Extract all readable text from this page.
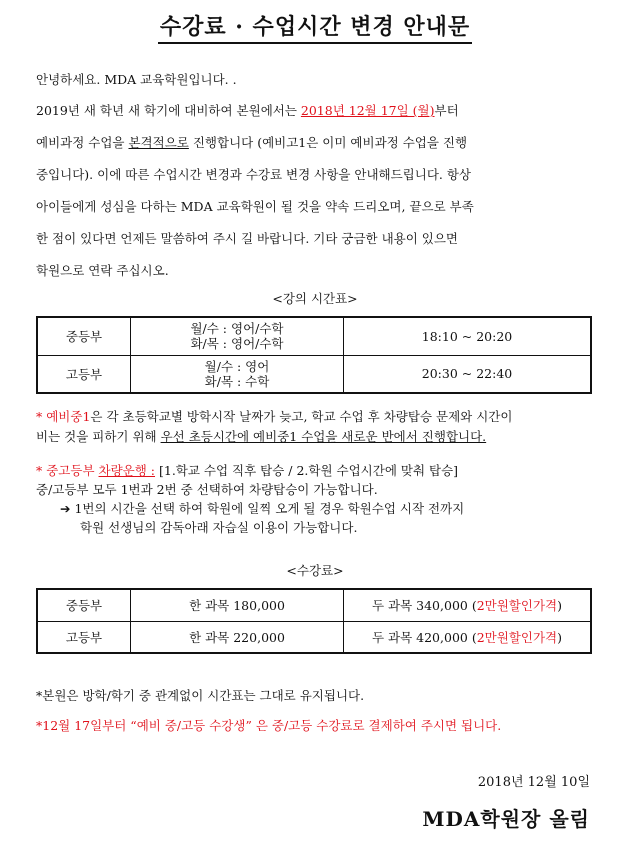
수강료 · 수업시간 변경 안내문
안녕하세요. MDA 교육학원입니다. .
2019년 새 학년 새 학기에 대비하여 본원에서는 2018년 12월 17일 (월)부터
예비과정 수업을 본격적으로 진행합니다 (예비고1은 이미 예비과정 수업을 진행
중입니다). 이에 따른 수업시간 변경과 수강료 변경 사항을 안내해드립니다. 항상
아이들에게 성심을 다하는 MDA 교육학원이 될 것을 약속 드리오며, 끝으로 부족
한 점이 있다면 언제든 말씀하여 주시 길 바랍니다. 기타 궁금한 내용이 있으면
학원으로 연락 주십시오.
<강의 시간표>
중등부	월/수 : 영어/수학
화/목 : 영어/수학	18:10 ~ 20:20
고등부	월/수 : 영어
화/목 : 수학	20:30 ~ 22:40
* 예비중1은 각 초등학교별 방학시작 날짜가 늦고, 학교 수업 후 차량탑승 문제와 시간이
비는 것을 피하기 위해 우선 초등시간에 예비중1 수업을 새로운 반에서 진행합니다.
* 중고등부 차량운행 : [1.학교 수업 직후 탑승 / 2.학원 수업시간에 맞춰 탑승]
중/고등부 모두 1번과 2번 중 선택하여 차량탑승이 가능합니다.
➔ 1번의 시간을 선택 하여 학원에 일찍 오게 될 경우 학원수업 시작 전까지
학원 선생님의 감독아래 자습실 이용이 가능합니다.
<수강료>
중등부	한 과목 180,000	두 과목 340,000 (2만원할인가격)
고등부	한 과목 220,000	두 과목 420,000 (2만원할인가격)
*본원은 방학/학기 중 관계없이 시간표는 그대로 유지됩니다.
*12월 17일부터 “예비 중/고등 수강생” 은 중/고등 수강료로 결제하여 주시면 됩니다.
2018년 12월 10일
MDA학원장 올림
